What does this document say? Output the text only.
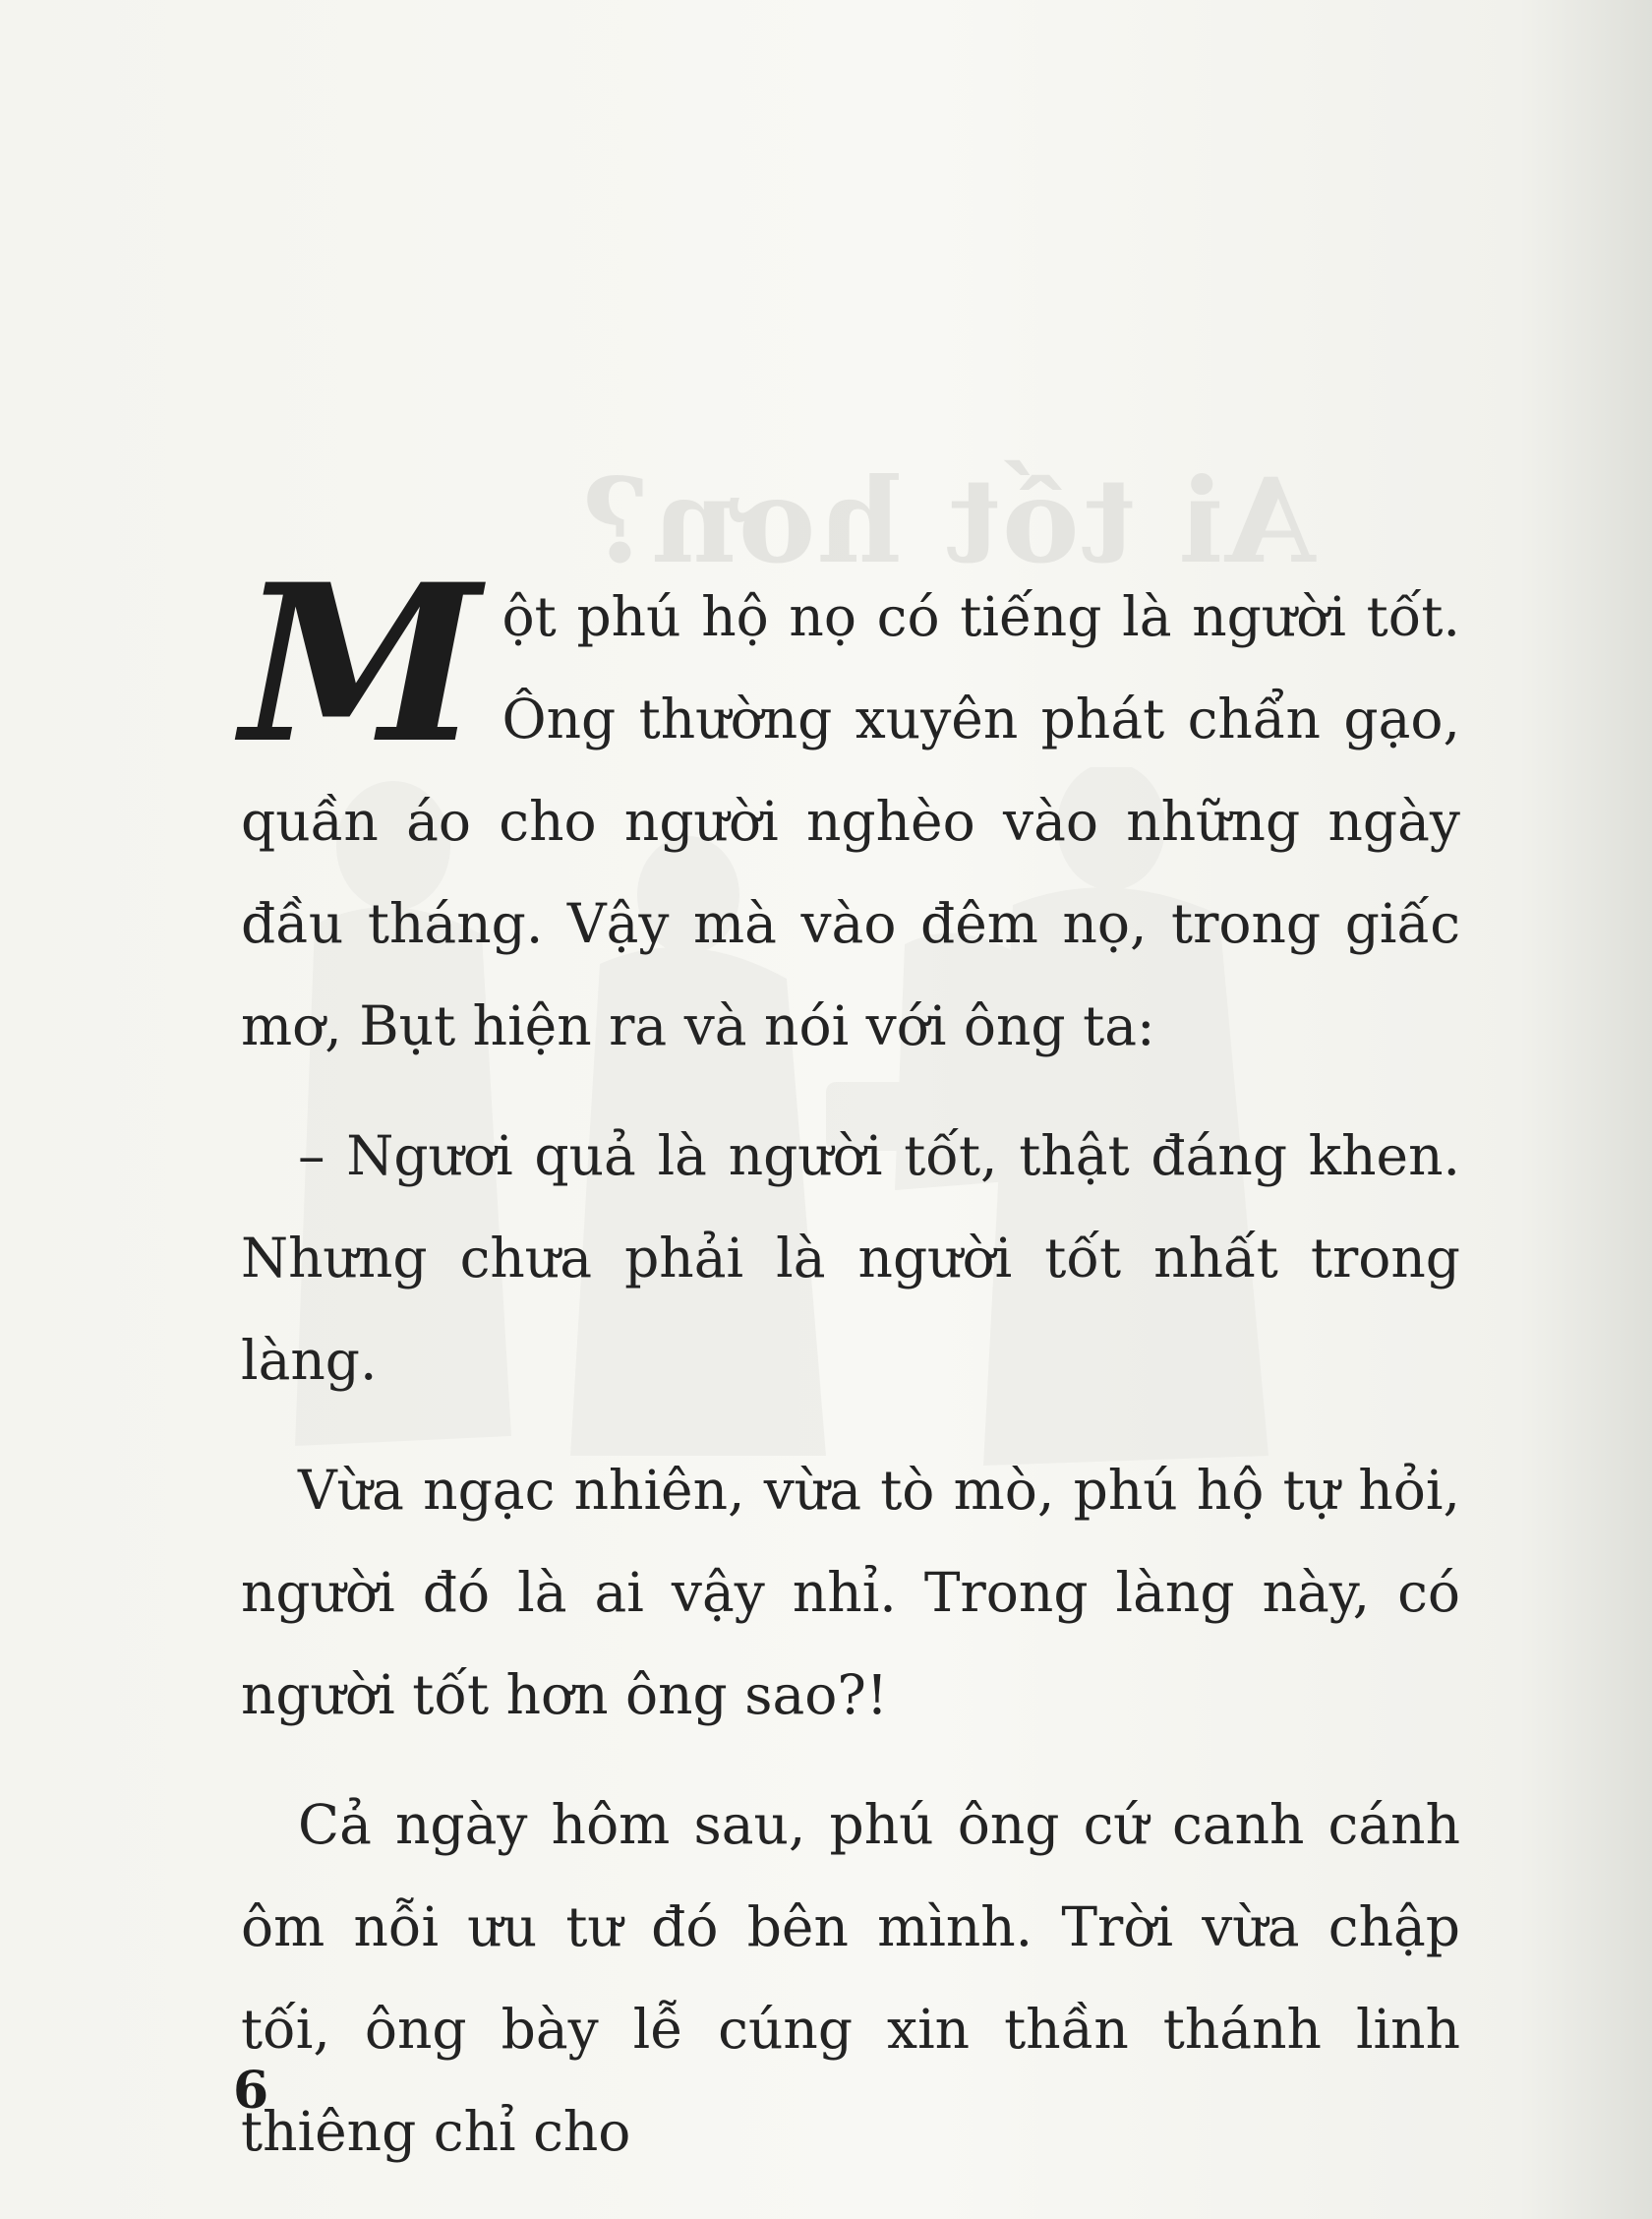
Ai tốt hơn?

Một phú hộ nọ có tiếng là người tốt. Ông thường xuyên phát chẩn gạo, quần áo cho người nghèo vào những ngày đầu tháng. Vậy mà vào đêm nọ, trong giấc mơ, Bụt hiện ra và nói với ông ta:

– Ngươi quả là người tốt, thật đáng khen. Nhưng chưa phải là người tốt nhất trong làng.

Vừa ngạc nhiên, vừa tò mò, phú hộ tự hỏi, người đó là ai vậy nhỉ. Trong làng này, có người tốt hơn ông sao?!

Cả ngày hôm sau, phú ông cứ canh cánh ôm nỗi ưu tư đó bên mình. Trời vừa chập tối, ông bày lễ cúng xin thần thánh linh thiêng chỉ cho

6
